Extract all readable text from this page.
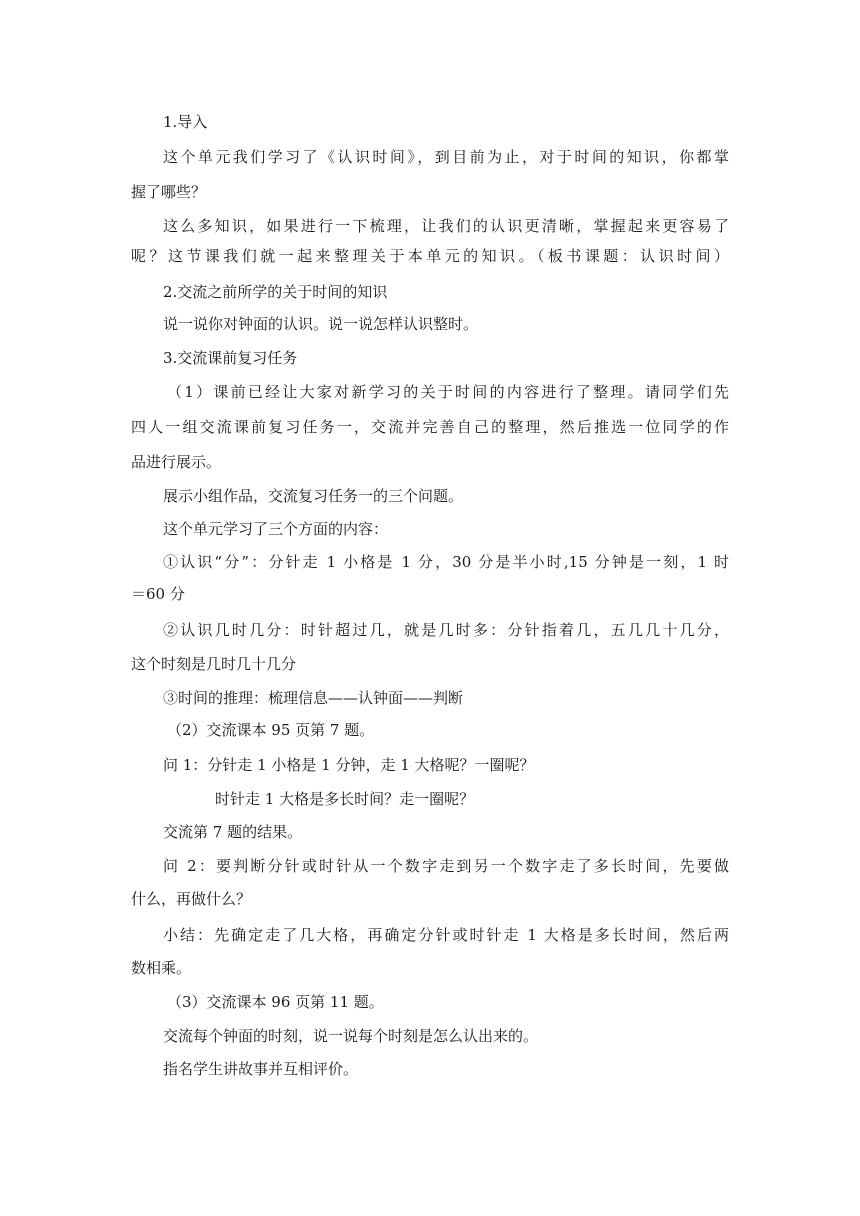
1.导入
这个单元我们学习了《认识时间》，到目前为止，对于时间的知识，你都掌
握了哪些？
这么多知识，如果进行一下梳理，让我们的认识更清晰，掌握起来更容易了
呢？这节课我们就一起来整理关于本单元的知识。（板书课题：认识时间）
2.交流之前所学的关于时间的知识
说一说你对钟面的认识。说一说怎样认识整时。
3.交流课前复习任务
（1）课前已经让大家对新学习的关于时间的内容进行了整理。请同学们先
四人一组交流课前复习任务一，交流并完善自己的整理，然后推选一位同学的作
品进行展示。
展示小组作品，交流复习任务一的三个问题。
这个单元学习了三个方面的内容：
①认识“分”：分针走 1 小格是 1 分，30 分是半小时,15 分钟是一刻，1 时
＝60 分
②认识几时几分：时针超过几，就是几时多：分针指着几，五几几十几分，
这个时刻是几时几十几分
③时间的推理：梳理信息——认钟面——判断
（2）交流课本 95 页第 7 题。
问 1：分针走 1 小格是 1 分钟，走 1 大格呢？一圈呢？
时针走 1 大格是多长时间？走一圈呢？
交流第 7 题的结果。
问 2：要判断分针或时针从一个数字走到另一个数字走了多长时间，先要做
什么，再做什么？
小结：先确定走了几大格，再确定分针或时针走 1 大格是多长时间，然后两
数相乘。
（3）交流课本 96 页第 11 题。
交流每个钟面的时刻，说一说每个时刻是怎么认出来的。
指名学生讲故事并互相评价。
